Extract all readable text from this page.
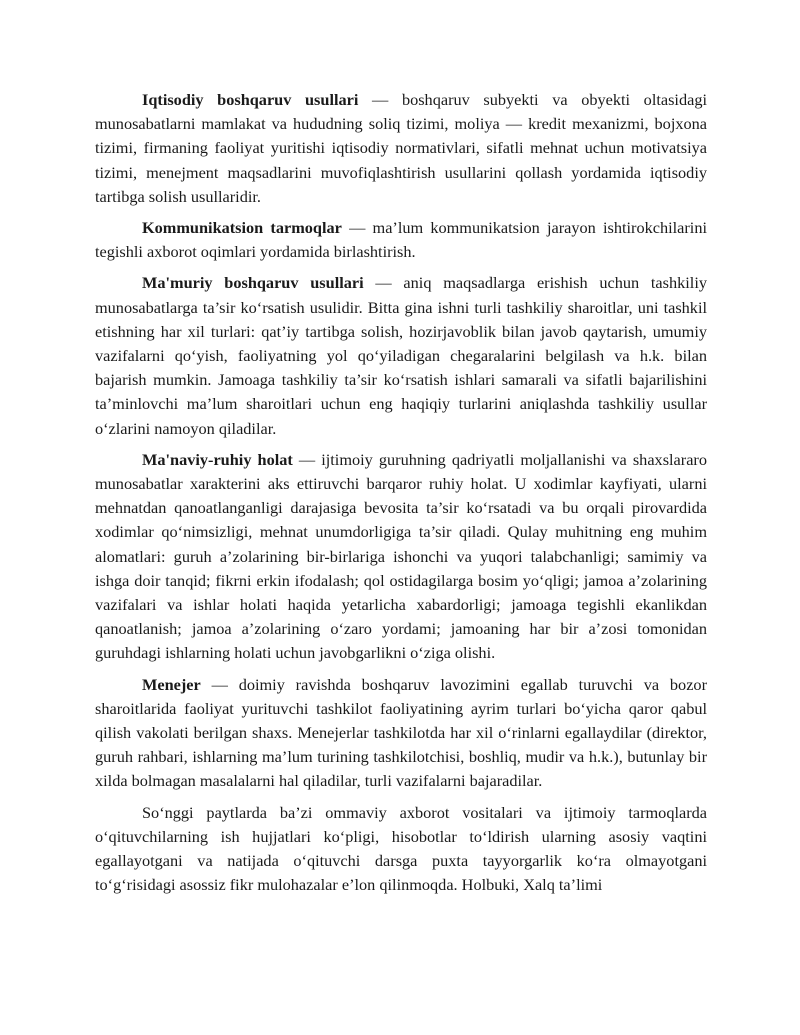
Iqtisodiy boshqaruv usullari — boshqaruv subyekti va obyekti oltasidagi munosabatlarni mamlakat va hududning soliq tizimi, moliya — kredit mexanizmi, bojxona tizimi, firmaning faoliyat yuritishi iqtisodiy normativlari, sifatli mehnat uchun motivatsiya tizimi, menejment maqsadlarini muvofiqlashtirish usullarini qollash yordamida iqtisodiy tartibga solish usullaridir.

Kommunikatsion tarmoqlar — ma’lum kommunikatsion jarayon ishtirokchilarini tegishli axborot oqimlari yordamida birlashtirish.

Ma'muriy boshqaruv usullari — aniq maqsadlarga erishish uchun tashkiliy munosabatlarga ta’sir ko‘rsatish usulidir. Bitta gina ishni turli tashkiliy sharoitlar, uni tashkil etishning har xil turlari: qat’iy tartibga solish, hozirjavoblik bilan javob qaytarish, umumiy vazifalarni qo‘yish, faoliyatning yol qo‘yiladigan chegaralarini belgilash va h.k. bilan bajarish mumkin. Jamoaga tashkiliy ta’sir ko‘rsatish ishlari samarali va sifatli bajarilishini ta’minlovchi ma’lum sharoitlari uchun eng haqiqiy turlarini aniqlashda tashkiliy usullar o‘zlarini namoyon qiladilar.

Ma'naviy-ruhiy holat — ijtimoiy guruhning qadriyatli moljallanishi va shaxslararo munosabatlar xarakterini aks ettiruvchi barqaror ruhiy holat. U xodimlar kayfiyati, ularni mehnatdan qanoatlanganligi darajasiga bevosita ta’sir ko‘rsatadi va bu orqali pirovardida xodimlar qo‘nimsizligi, mehnat unumdorligiga ta’sir qiladi. Qulay muhitning eng muhim alomatlari: guruh a’zolarining bir-birlariga ishonchi va yuqori talabchanligi; samimiy va ishga doir tanqid; fikrni erkin ifodalash; qol ostidagilarga bosim yo‘qligi; jamoa a’zolarining vazifalari va ishlar holati haqida yetarlicha xabardorligi; jamoaga tegishli ekanlikdan qanoatlanish; jamoa a’zolarining o‘zaro yordami; jamoaning har bir a’zosi tomonidan guruhdagi ishlarning holati uchun javobgarlikni o‘ziga olishi.

Menejer — doimiy ravishda boshqaruv lavozimini egallab turuvchi va bozor sharoitlarida faoliyat yurituvchi tashkilot faoliyatining ayrim turlari bo‘yicha qaror qabul qilish vakolati berilgan shaxs. Menejerlar tashkilotda har xil o‘rinlarni egallaydilar (direktor, guruh rahbari, ishlarning ma’lum turining tashkilotchisi, boshliq, mudir va h.k.), butunlay bir xilda bolmagan masalalarni hal qiladilar, turli vazifalarni bajaradilar.

So‘nggi paytlarda ba’zi ommaviy axborot vositalari va ijtimoiy tarmoqlarda o‘qituvchilarning ish hujjatlari ko‘pligi, hisobotlar to‘ldirish ularning asosiy vaqtini egallayotgani va natijada o‘qituvchi darsga puxta tayyorgarlik ko‘ra olmayotgani to‘g‘risidagi asossiz fikr mulohazalar e’lon qilinmoqda. Holbuki, Xalq ta’limi
